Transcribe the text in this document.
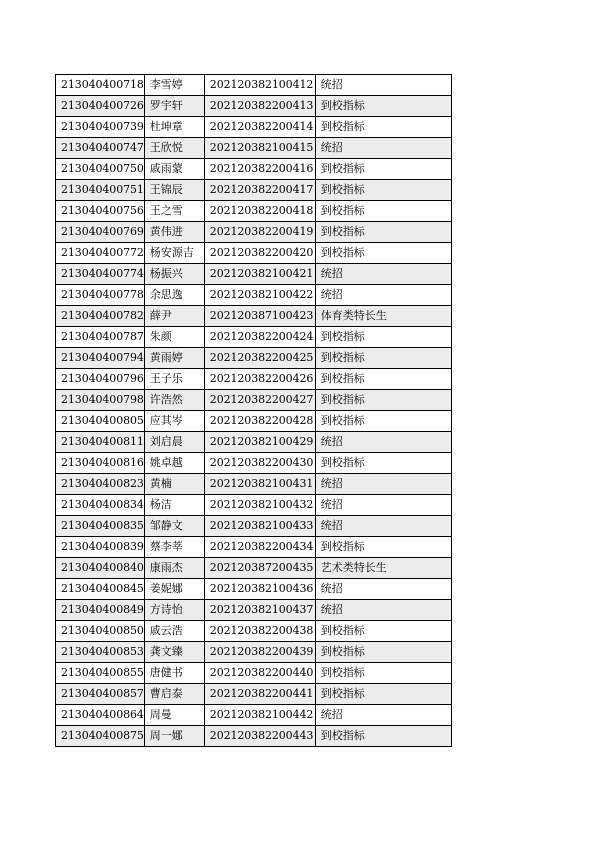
213040400718	李雪婷	202120382100412	统招
213040400726	罗宇轩	202120382200413	到校指标
213040400739	杜坤章	202120382200414	到校指标
213040400747	王欣悦	202120382100415	统招
213040400750	戚雨蒙	202120382200416	到校指标
213040400751	王锦辰	202120382200417	到校指标
213040400756	王之雪	202120382200418	到校指标
213040400769	黄伟进	202120382200419	到校指标
213040400772	杨安源吉	202120382200420	到校指标
213040400774	杨振兴	202120382100421	统招
213040400778	余思逸	202120382100422	统招
213040400782	薛尹	202120387100423	体育类特长生
213040400787	朱颜	202120382200424	到校指标
213040400794	黄雨婷	202120382200425	到校指标
213040400796	王子乐	202120382200426	到校指标
213040400798	许浩然	202120382200427	到校指标
213040400805	应其岑	202120382200428	到校指标
213040400811	刘启晨	202120382100429	统招
213040400816	姚卓越	202120382200430	到校指标
213040400823	黄楠	202120382100431	统招
213040400834	杨洁	202120382100432	统招
213040400835	邹静文	202120382100433	统招
213040400839	蔡李莘	202120382200434	到校指标
213040400840	康雨杰	202120387200435	艺术类特长生
213040400845	姜妮娜	202120382100436	统招
213040400849	方诗怡	202120382100437	统招
213040400850	戚云浩	202120382200438	到校指标
213040400853	龚文臻	202120382200439	到校指标
213040400855	唐健书	202120382200440	到校指标
213040400857	曹启泰	202120382200441	到校指标
213040400864	周曼	202120382100442	统招
213040400875	周一娜	202120382200443	到校指标
